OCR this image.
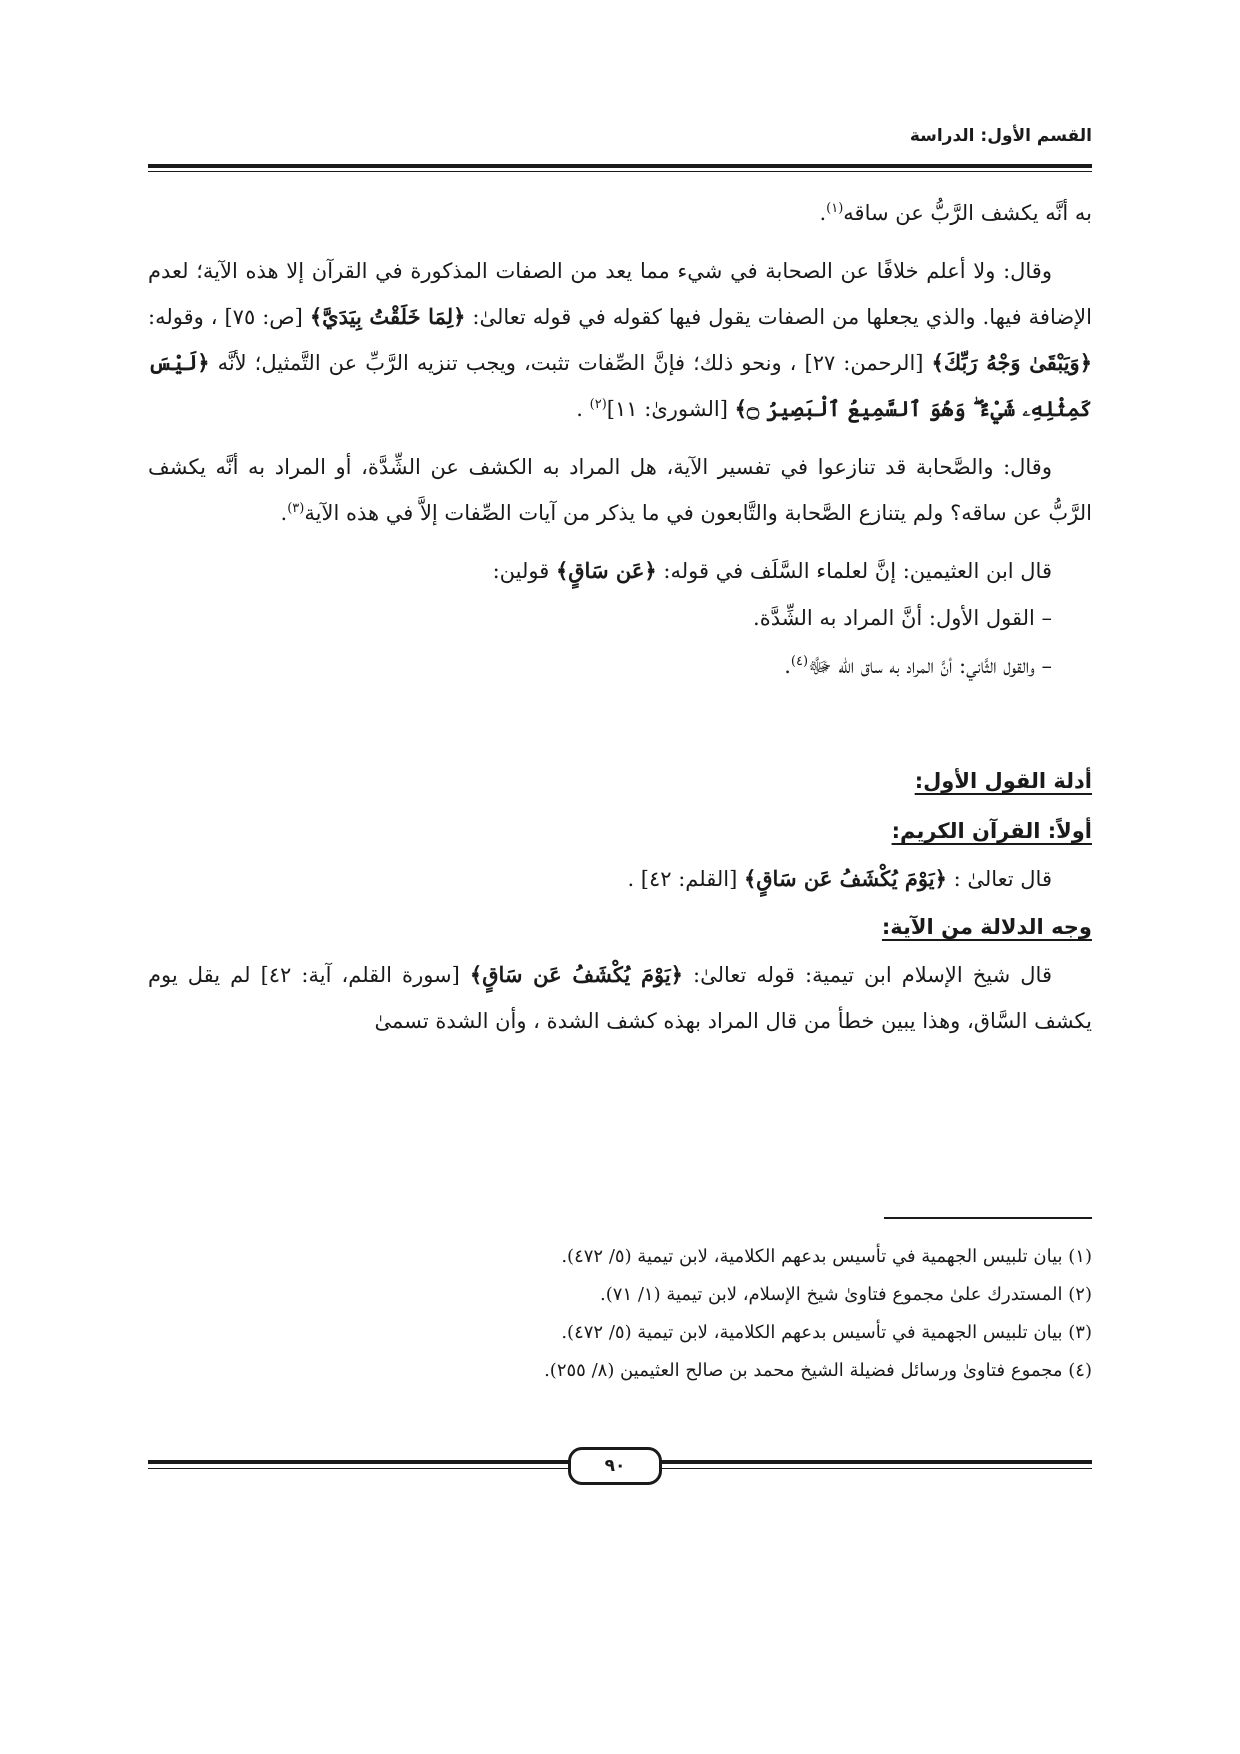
القسم الأول: الدراسة

به أنَّه يكشف الرَّبُّ عن ساقه$^{(١)}$.

وقال: ولا أعلم خلافًا عن الصحابة في شيء مما يعد من الصفات المذكورة في القرآن إلا هذه الآية؛ لعدم الإضافة فيها. والذي يجعلها من الصفات يقول فيها كقوله في قوله تعالىٰ: ﴿لِمَا خَلَقْتُ بِيَدَيَّ﴾ [ص: ٧٥] ، وقوله: ﴿وَيَبْقَىٰ وَجْهُ رَبِّكَ﴾ [الرحمن: ٢٧] ، ونحو ذلك؛ فإنَّ الصِّفات تثبت، ويجب تنزيه الرَّبِّ عن التَّمثيل؛ لأنَّه ﴿لَيْسَ كَمِثْلِهِۦ شَيْءٌ ۖ وَهُوَ ٱلسَّمِيعُ ٱلْبَصِيرُ ۝﴾ [الشورىٰ: ١١]$^{(٢)}$ .

وقال: والصَّحابة قد تنازعوا في تفسير الآية، هل المراد به الكشف عن الشِّدَّة، أو المراد به أنَّه يكشف الرَّبُّ عن ساقه؟ ولم يتنازع الصَّحابة والتَّابعون في ما يذكر من آيات الصِّفات إلاَّ في هذه الآية$^{(٣)}$.

قال ابن العثيمين: إنَّ لعلماء السَّلَف في قوله: ﴿عَن سَاقٍ﴾ قولين:

– القول الأول: أنَّ المراد به الشِّدَّة.
– والقول الثَّاني: أنَّ المراد به ساق الله ﷻ$^{(٤)}$.

أدلة القول الأول:

أولاً: القرآن الكريم:

قال تعالىٰ : ﴿يَوْمَ يُكْشَفُ عَن سَاقٍ﴾ [القلم: ٤٢] .

وجه الدلالة من الآية:

قال شيخ الإسلام ابن تيمية: قوله تعالىٰ: ﴿يَوْمَ يُكْشَفُ عَن سَاقٍ﴾ [سورة القلم، آية: ٤٢] لم يقل يوم يكشف السَّاق، وهذا يبين خطأ من قال المراد بهذه كشف الشدة ، وأن الشدة تسمىٰ

(١) بيان تلبيس الجهمية في تأسيس بدعهم الكلامية، لابن تيمية (٥/ ٤٧٢).
(٢) المستدرك علىٰ مجموع فتاوىٰ شيخ الإسلام، لابن تيمية (١/ ٧١).
(٣) بيان تلبيس الجهمية في تأسيس بدعهم الكلامية، لابن تيمية (٥/ ٤٧٢).
(٤) مجموع فتاوىٰ ورسائل فضيلة الشيخ محمد بن صالح العثيمين (٨/ ٢٥٥).
٩٠
